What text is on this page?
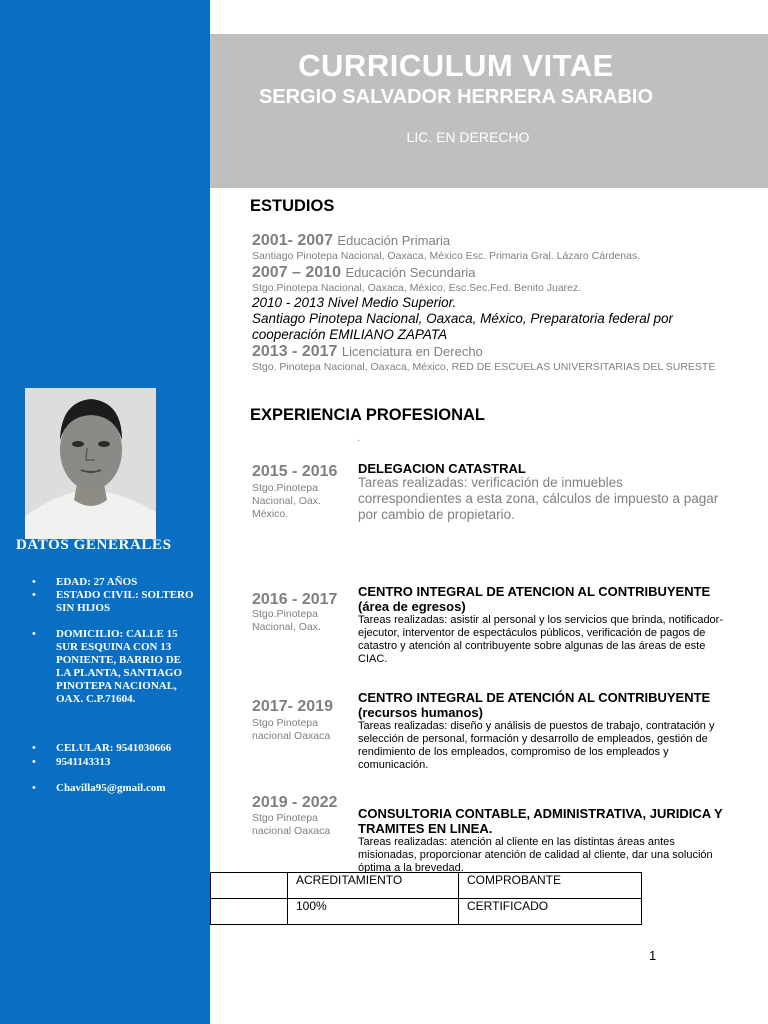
CURRICULUM VITAE
SERGIO SALVADOR HERRERA SARABIO
LIC. EN DERECHO
DATOS GENERALES
• EDAD: 27 AÑOS
• ESTADO CIVIL: SOLTERO SIN HIJOS
• DOMICILIO: CALLE 15 SUR ESQUINA CON 13 PONIENTE, BARRIO DE LA PLANTA, SANTIAGO PINOTEPA NACIONAL, OAX. C.P.71604.
• CELULAR: 9541030666
• 9541143313
• Chavilla95@gmail.com
ESTUDIOS
2001- 2007 Educación Primaria
Santiago Pinotepa Nacional, Oaxaca, México Esc. Primaria Gral. Lázaro Cárdenas.
2007 – 2010 Educación Secundaria
Stgo.Pinotepa Nacional, Oaxaca, México, Esc.Sec.Fed. Benito Juarez.
2010 - 2013 Nivel Medio Superior.
Santiago Pinotepa Nacional, Oaxaca, México, Preparatoria federal por cooperación EMILIANO ZAPATA
2013 - 2017 Licenciatura en Derecho
Stgo. Pinotepa Nacional, Oaxaca, México, RED DE ESCUELAS UNIVERSITARIAS DEL SURESTE
EXPERIENCIA PROFESIONAL
.
2015 - 2016
Stgo.Pinotepa Nacional, Oax. México.
DELEGACION CATASTRAL
Tareas realizadas: verificación de inmuebles correspondientes a esta zona, cálculos de impuesto a pagar por cambio de propietario.
2016 - 2017
Stgo.Pinotepa Nacional, Oax.
CENTRO INTEGRAL DE ATENCION AL CONTRIBUYENTE (área de egresos)
Tareas realizadas: asistir al personal y los servicios que brinda, notificador-ejecutor, interventor de espectáculos públicos, verificación de pagos de catastro y atención al contribuyente sobre algunas de las áreas de este CIAC.
2017- 2019
Stgo Pinotepa nacional Oaxaca
CENTRO INTEGRAL DE ATENCIÓN AL CONTRIBUYENTE (recursos humanos)
Tareas realizadas: diseño y análisis de puestos de trabajo, contratación y selección de personal, formación y desarrollo de empleados, gestión de rendimiento de los empleados, compromiso de los empleados y comunicación.
2019 - 2022
Stgo Pinotepa nacional Oaxaca
CONSULTORIA CONTABLE, ADMINISTRATIVA, JURIDICA Y TRAMITES EN LINEA.
Tareas realizadas: atención al cliente en las distintas áreas antes misionadas, proporcionar atención de calidad al cliente, dar una solución óptima a la brevedad.
	ACREDITAMIENTO	COMPROBANTE
	100%	CERTIFICADO
1
